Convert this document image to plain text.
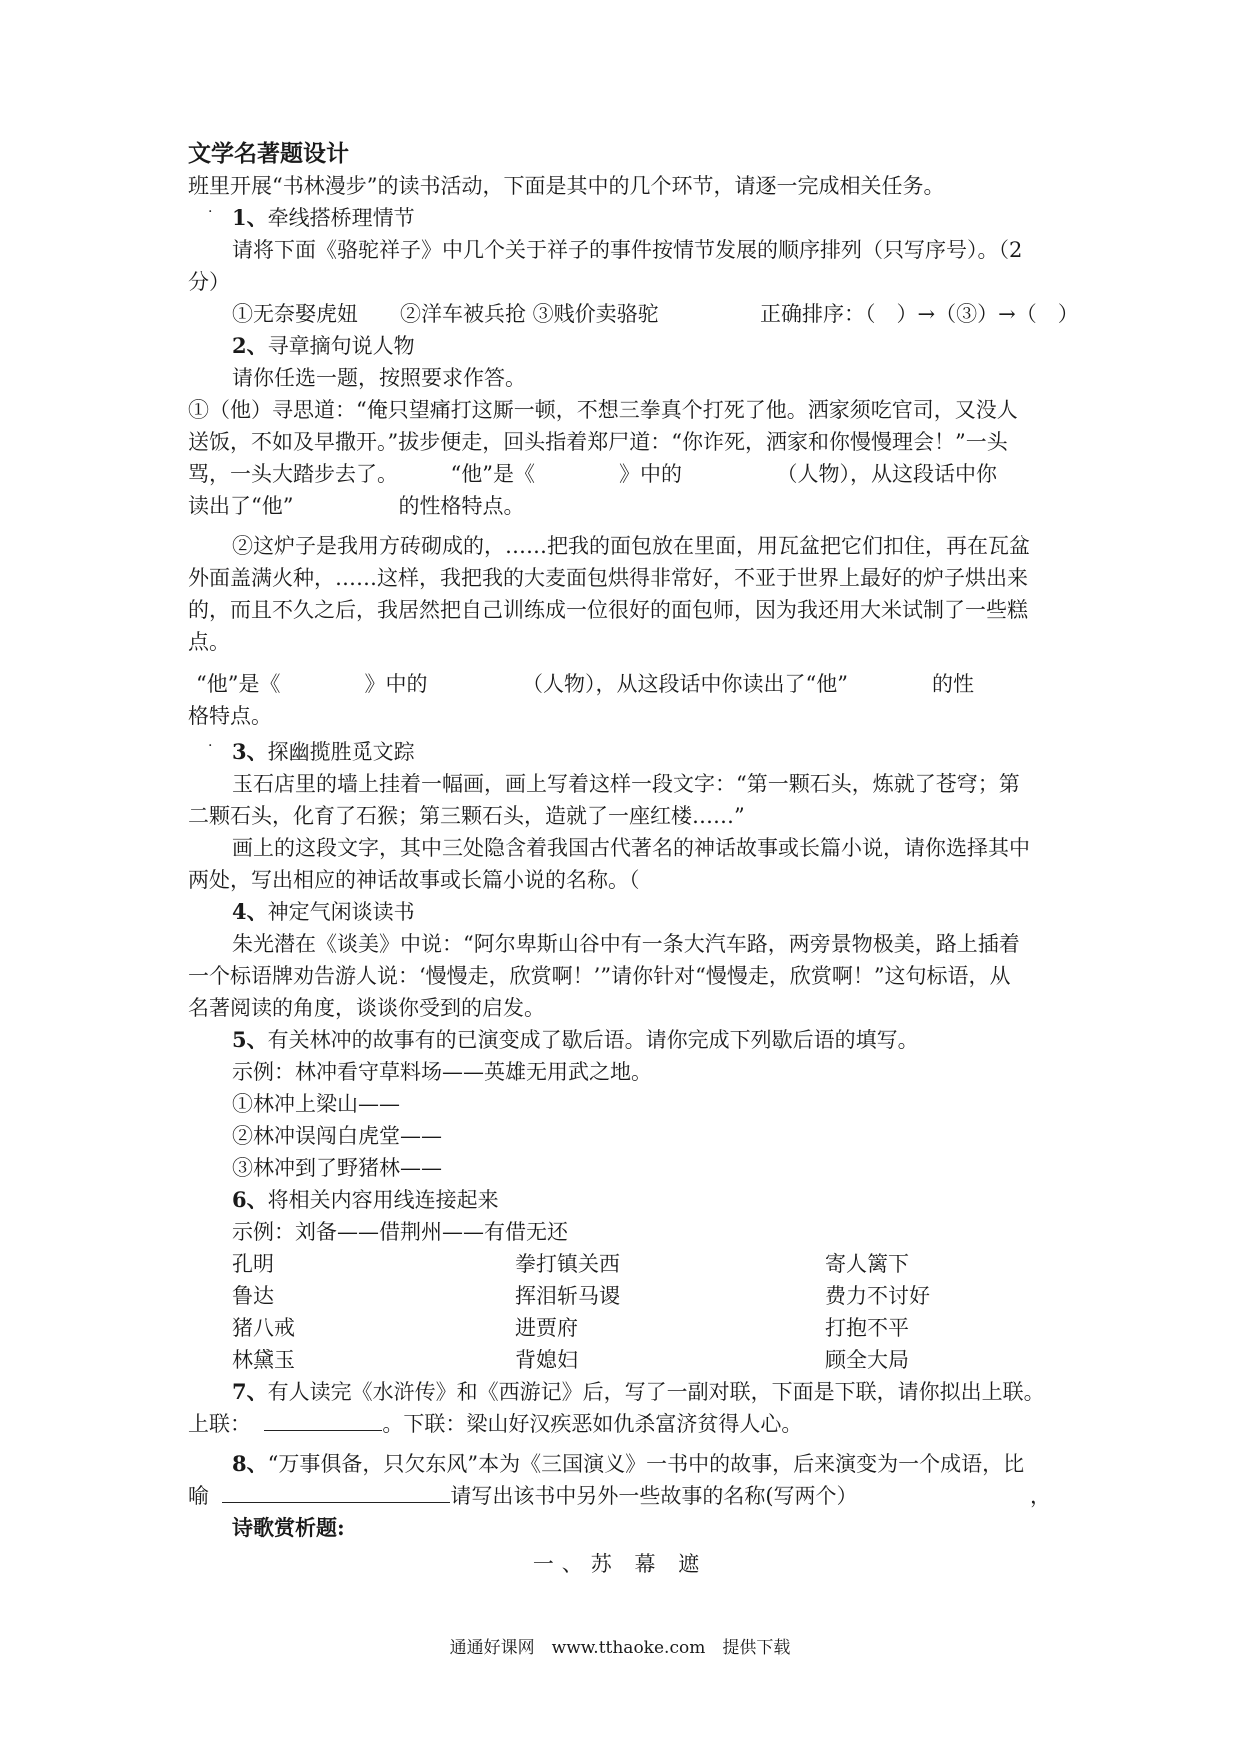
文学名著题设计
班里开展“书林漫步”的读书活动，下面是其中的几个环节，请逐一完成相关任务。
. 1、牵线搭桥理情节
请将下面《骆驼祥子》中几个关于祥子的事件按情节发展的顺序排列（只写序号）。（2
分）
①无奈娶虎妞　　②洋车被兵抢 ③贱价卖骆驼	正确排序：（　）→（③）→（　）
2、寻章摘句说人物
请你任选一题，按照要求作答。
①（他）寻思道：“俺只望痛打这厮一顿，不想三拳真个打死了他。洒家须吃官司，又没人
送饭，不如及早撒开。”拔步便走，回头指着郑尸道：“你诈死，洒家和你慢慢理会！”一头
骂，一头大踏步去了。　　　“他”是《　　　　》中的　　　　　（人物），从这段话中你
读出了“他”　　　　　的性格特点。
②这炉子是我用方砖砌成的，……把我的面包放在里面，用瓦盆把它们扣住，再在瓦盆
外面盖满火种，……这样，我把我的大麦面包烘得非常好，不亚于世界上最好的炉子烘出来
的，而且不久之后，我居然把自己训练成一位很好的面包师，因为我还用大米试制了一些糕
点。
“他”是《　　　　》中的　　　　　（人物），从这段话中你读出了“他”　　　　的性
格特点。
. 3、探幽揽胜觅文踪
玉石店里的墙上挂着一幅画，画上写着这样一段文字：“第一颗石头，炼就了苍穹；第
二颗石头，化育了石猴；第三颗石头，造就了一座红楼……”
画上的这段文字，其中三处隐含着我国古代著名的神话故事或长篇小说，请你选择其中
两处，写出相应的神话故事或长篇小说的名称。（
4、神定气闲谈读书
朱光潜在《谈美》中说：“阿尔卑斯山谷中有一条大汽车路，两旁景物极美，路上插着
一个标语牌劝告游人说：‘慢慢走，欣赏啊！’”请你针对“慢慢走，欣赏啊！”这句标语，从
名著阅读的角度，谈谈你受到的启发。
5、有关林冲的故事有的已演变成了歇后语。请你完成下列歇后语的填写。
示例：林冲看守草料场——英雄无用武之地。
①林冲上梁山——
②林冲误闯白虎堂——
③林冲到了野猪林——
6、将相关内容用线连接起来
示例：刘备——借荆州——有借无还
孔明	拳打镇关西	寄人篱下
鲁达	挥泪斩马谡	费力不讨好
猪八戒	进贾府	打抱不平
林黛玉	背媳妇	顾全大局
7、有人读完《水浒传》和《西游记》后，写了一副对联，下面是下联，请你拟出上联。
上联：	。下联：梁山好汉疾恶如仇杀富济贫得人心。
8、“万事俱备，只欠东风”本为《三国演义》一书中的故事，后来演变为一个成语，比
喻	请写出该书中另外一些故事的名称(写两个）	，
诗歌赏析题:
一、苏 幕 遮
通通好课网　www.tthaoke.com　提供下载
